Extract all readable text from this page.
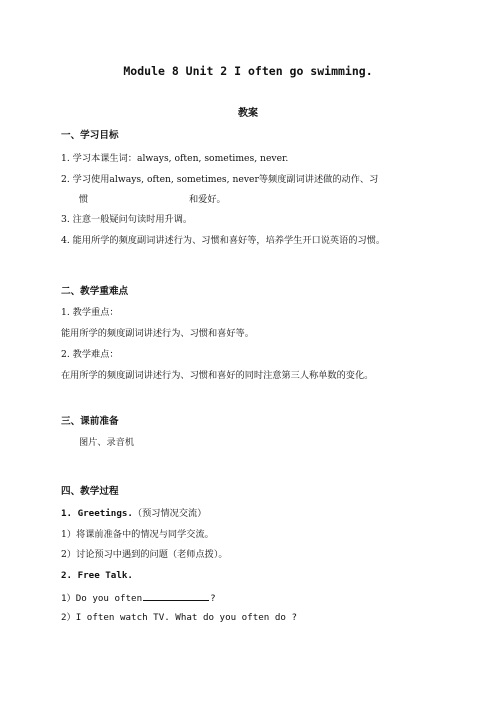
Module 8 Unit 2 I often go swimming.
教案
一、学习目标
1. 学习本课生词：always, often, sometimes, never.
2. 学习使用always, often, sometimes, never等频度副词讲述做的动作、习
惯	和爱好。
3. 注意一般疑问句读时用升调。
4. 能用所学的频度副词讲述行为、习惯和喜好等，培养学生开口说英语的习惯。
二、教学重难点
1. 教学重点：
能用所学的频度副词讲述行为、习惯和喜好等。
2. 教学难点：
在用所学的频度副词讲述行为、习惯和喜好的同时注意第三人称单数的变化。
三、课前准备
图片、录音机
四、教学过程
1. Greetings.（预习情况交流）
1）将课前准备中的情况与同学交流。
2）讨论预习中遇到的问题（老师点拨）。
2. Free Talk.
1）Do you often	?
2）I often watch TV. What do you often do ?
